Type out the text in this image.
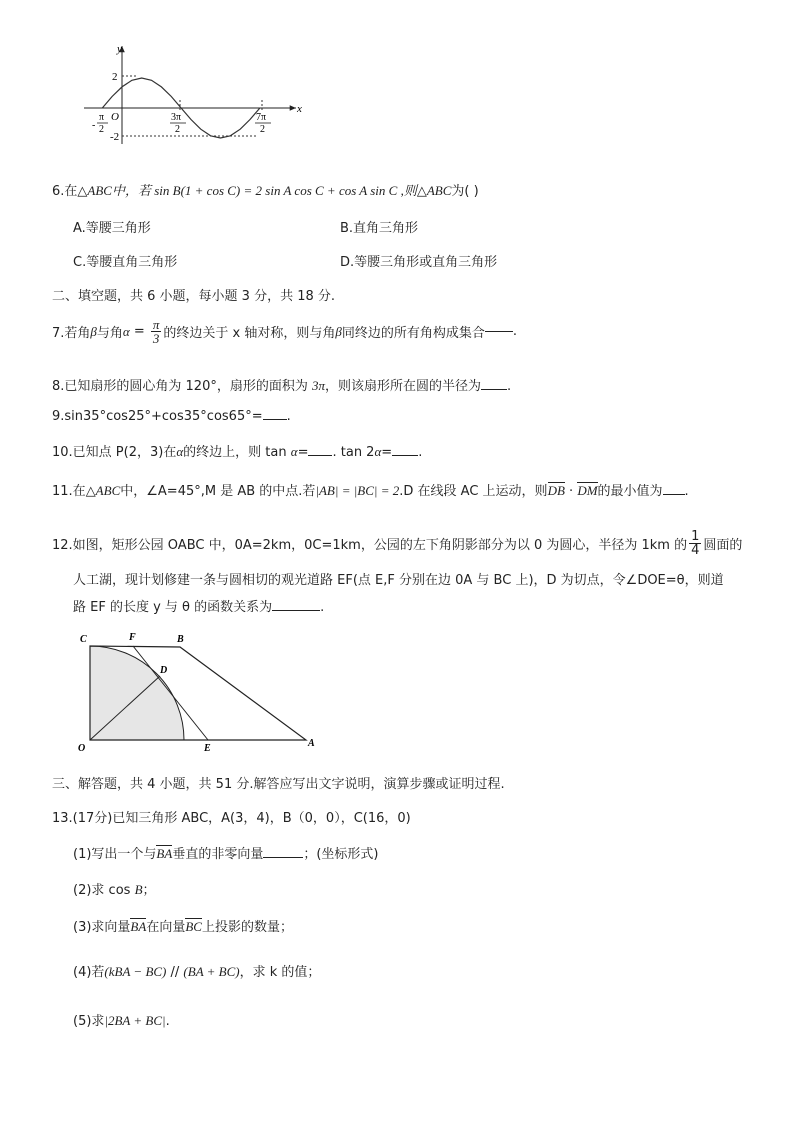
y
x
O
2
-2
-
π
2
3π
2
7π
2
6.在△ABC中，若 sin B(1 + cos C) = 2 sin A cos C + cos A sin C ,则△ABC为( )
A.等腰三角形	B.直角三角形
C.等腰直角三角形	D.等腰三角形或直角三角形
二、填空题，共 6 小题，每小题 3 分，共 18 分.
7.若角 β 与角 $\alpha = \frac{\pi}{3}$ 的终边关于 x 轴对称，则与角 β 同终边的所有角构成集合 .
8.已知扇形的圆心角为 120°，扇形的面积为 3π，则该扇形所在圆的半径为 .
9.sin35°cos25°+cos35°cos65°= .
10.已知点 P(2，3)在α的终边上，则 tan α= . tan 2α= .
11.在△ABC中，∠A=45°,M 是 AB 的中点.若|AB| = |BC| = 2.D 在线段 AC 上运动，则DB · DM的最小值为 .
12.如图，矩形公园 OABC 中，0A=2km，0C=1km，公园的左下角阴影部分为以 0 为圆心，半径为 1km 的 $\frac{1}{4}$ 圆面的
人工湖，现计划修建一条与圆相切的观光道路 EF(点 E,F 分别在边 0A 与 BC 上)，D 为切点，令∠DOE=θ，则道
路 EF 的长度 y 与 θ 的函数关系为	.
C	F	B
D
O	E	A
三、解答题，共 4 小题，共 51 分.解答应写出文字说明，演算步骤或证明过程.
13.(17分)已知三角形 ABC，A(3，4)，B（0，0），C(16，0)
(1)写出一个与BA垂直的非零向量	；(坐标形式)
(2)求 cos B；
(3)求向量BA在向量BC上投影的数量；
(4)若(kBA − BC) // (BA + BC)，求 k 的值；
(5)求|2BA + BC|.
